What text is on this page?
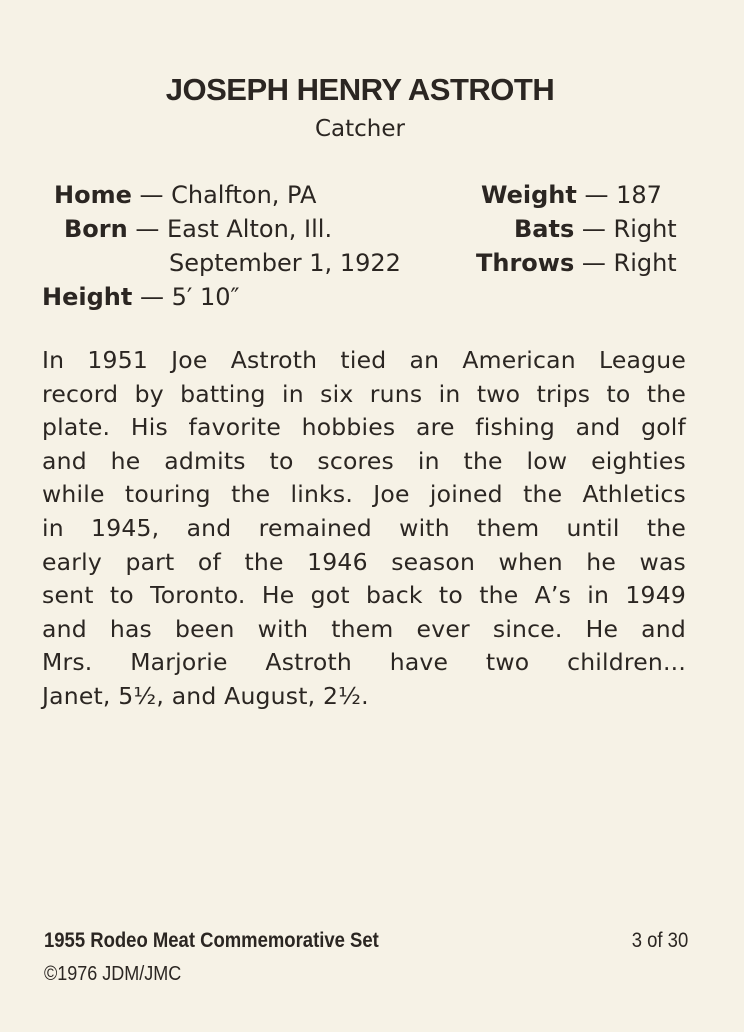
JOSEPH HENRY ASTROTH
Catcher
Home — Chalfton, PA
Born — East Alton, Ill.
September 1, 1922
Height — 5′ 10″
Weight — 187
Bats — Right
Throws — Right
In 1951 Joe Astroth tied an American League
record by batting in six runs in two trips to the
plate. His favorite hobbies are fishing and golf
and he admits to scores in the low eighties
while touring the links. Joe joined the Athletics
in 1945, and remained with them until the
early part of the 1946 season when he was
sent to Toronto. He got back to the A’s in 1949
and has been with them ever since. He and
Mrs. Marjorie Astroth have two children...
Janet, 5½, and August, 2½.
1955 Rodeo Meat Commemorative Set	3 of 30
©1976 JDM/JMC
